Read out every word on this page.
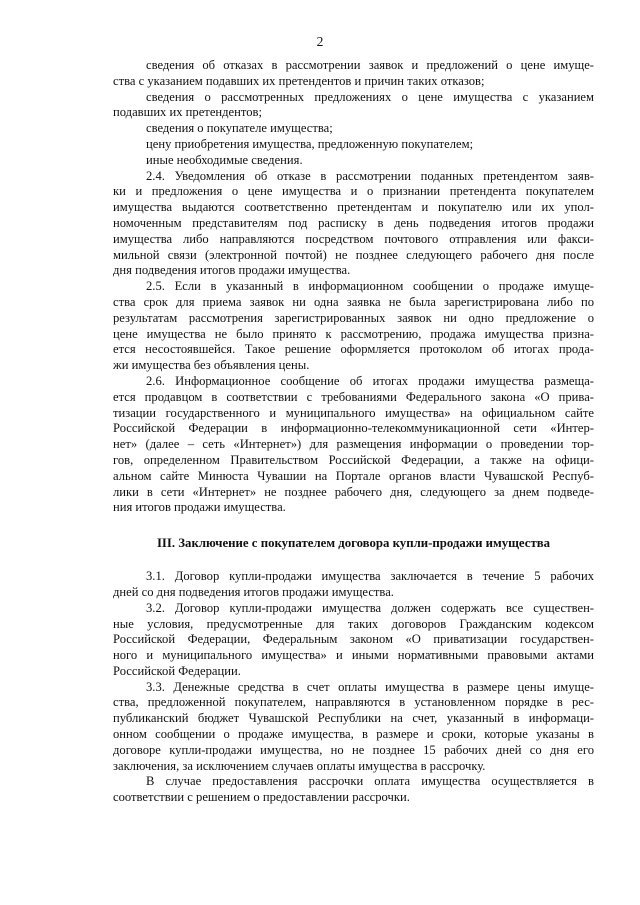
2
сведения об отказах в рассмотрении заявок и предложений о цене имуще-
ства с указанием подавших их претендентов и причин таких отказов;
сведения о рассмотренных предложениях о цене имущества с указанием
подавших их претендентов;
сведения о покупателе имущества;
цену приобретения имущества, предложенную покупателем;
иные необходимые сведения.
2.4. Уведомления об отказе в рассмотрении поданных претендентом заяв-
ки и предложения о цене имущества и о признании претендента покупателем
имущества выдаются соответственно претендентам и покупателю или их упол-
номоченным представителям под расписку в день подведения итогов продажи
имущества либо направляются посредством почтового отправления или факси-
мильной связи (электронной почтой) не позднее следующего рабочего дня после
дня подведения итогов продажи имущества.
2.5. Если в указанный в информационном сообщении о продаже имуще-
ства срок для приема заявок ни одна заявка не была зарегистрирована либо по
результатам рассмотрения зарегистрированных заявок ни одно предложение о
цене имущества не было принято к рассмотрению, продажа имущества призна-
ется несостоявшейся. Такое решение оформляется протоколом об итогах прода-
жи имущества без объявления цены.
2.6. Информационное сообщение об итогах продажи имущества размеща-
ется продавцом в соответствии с требованиями Федерального закона «О прива-
тизации государственного и муниципального имущества» на официальном сайте
Российской Федерации в информационно-телекоммуникационной сети «Интер-
нет» (далее – сеть «Интернет») для размещения информации о проведении тор-
гов, определенном Правительством Российской Федерации, а также на офици-
альном сайте Минюста Чувашии на Портале органов власти Чувашской Респуб-
лики в сети «Интернет» не позднее рабочего дня, следующего за днем подведе-
ния итогов продажи имущества.
III. Заключение с покупателем договора купли-продажи имущества
3.1. Договор купли-продажи имущества заключается в течение 5 рабочих
дней со дня подведения итогов продажи имущества.
3.2. Договор купли-продажи имущества должен содержать все существен-
ные условия, предусмотренные для таких договоров Гражданским кодексом
Российской Федерации, Федеральным законом «О приватизации государствен-
ного и муниципального имущества» и иными нормативными правовыми актами
Российской Федерации.
3.3. Денежные средства в счет оплаты имущества в размере цены имуще-
ства, предложенной покупателем, направляются в установленном порядке в рес-
публиканский бюджет Чувашской Республики на счет, указанный в информаци-
онном сообщении о продаже имущества, в размере и сроки, которые указаны в
договоре купли-продажи имущества, но не позднее 15 рабочих дней со дня его
заключения, за исключением случаев оплаты имущества в рассрочку.
В случае предоставления рассрочки оплата имущества осуществляется в
соответствии с решением о предоставлении рассрочки.
